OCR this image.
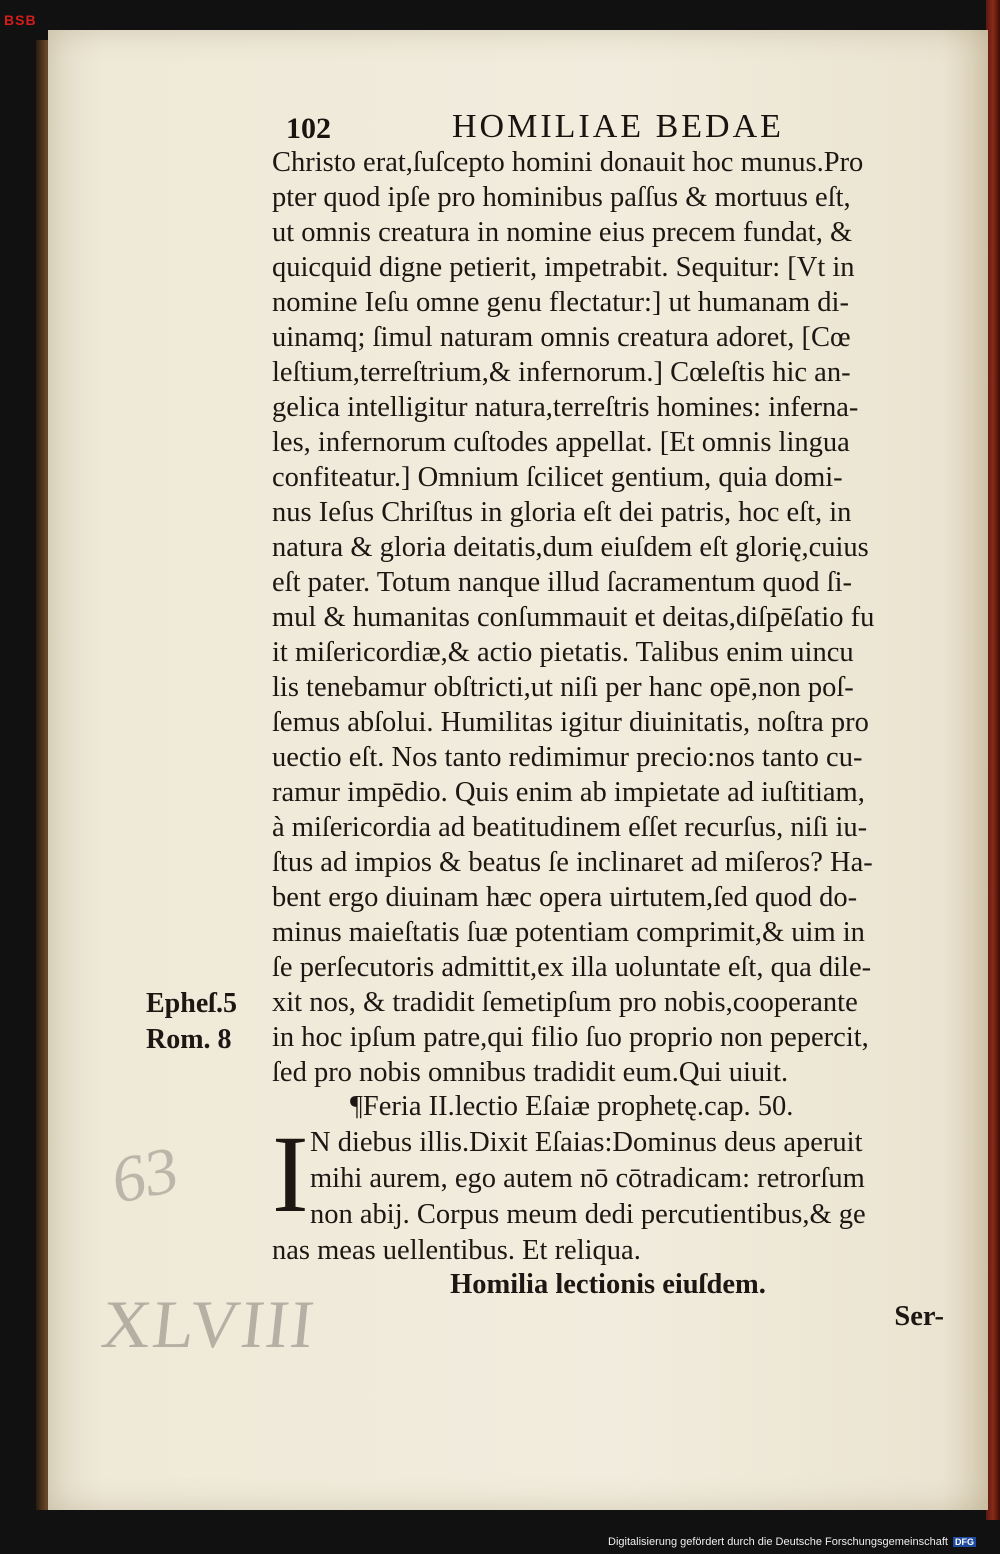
BSB
102	HOMILIAE BEDAE
Christo erat,ſuſcepto homini donauit hoc munus.Pro
pter quod ipſe pro hominibus paſſus & mortuus eſt,
ut omnis creatura in nomine eius precem fundat, &
quicquid digne petierit, impetrabit. Sequitur: [Vt in
nomine Ieſu omne genu flectatur:] ut humanam di-
uinamq; ſimul naturam omnis creatura adoret, [Cœ
leſtium,terreſtrium,& infernorum.] Cœleſtis hic an-
gelica intelligitur natura,terreſtris homines: inferna-
les, infernorum cuſtodes appellat. [Et omnis lingua
confiteatur.] Omnium ſcilicet gentium, quia domi-
nus Ieſus Chriſtus in gloria eſt dei patris, hoc eſt, in
natura & gloria deitatis,dum eiuſdem eſt glorię,cuius
eſt pater. Totum nanque illud ſacramentum quod ſi-
mul & humanitas conſummauit et deitas,diſpēſatio fu
it miſericordiæ,& actio pietatis. Talibus enim uincu
lis tenebamur obſtricti,ut niſi per hanc opē,non poſ-
ſemus abſolui. Humilitas igitur diuinitatis, noſtra pro
uectio eſt. Nos tanto redimimur precio:nos tanto cu-
ramur impēdio. Quis enim ab impietate ad iuſtitiam,
à miſericordia ad beatitudinem eſſet recurſus, niſi iu-
ſtus ad impios & beatus ſe inclinaret ad miſeros? Ha-
bent ergo diuinam hæc opera uirtutem,ſed quod do-
minus maieſtatis ſuæ potentiam comprimit,& uim in
ſe perſecutoris admittit,ex illa uoluntate eſt, qua dile-
xit nos, & tradidit ſemetipſum pro nobis,cooperante
in hoc ipſum patre,qui filio ſuo proprio non pepercit,
ſed pro nobis omnibus tradidit eum.Qui uiuit.
Epheſ.5
Rom. 8
¶Feria II.lectio Eſaiæ prophetę.cap. 50.
I N diebus illis.Dixit Eſaias:Dominus deus aperuit
mihi aurem, ego autem nō cōtradicam: retrorſum
non abij. Corpus meum dedi percutientibus,& ge
nas meas uellentibus. Et reliqua.
Homilia lectionis eiuſdem.
Ser-
63
XLVIII
Digitalisierung gefördert durch die Deutsche Forschungsgemeinschaft DFG
